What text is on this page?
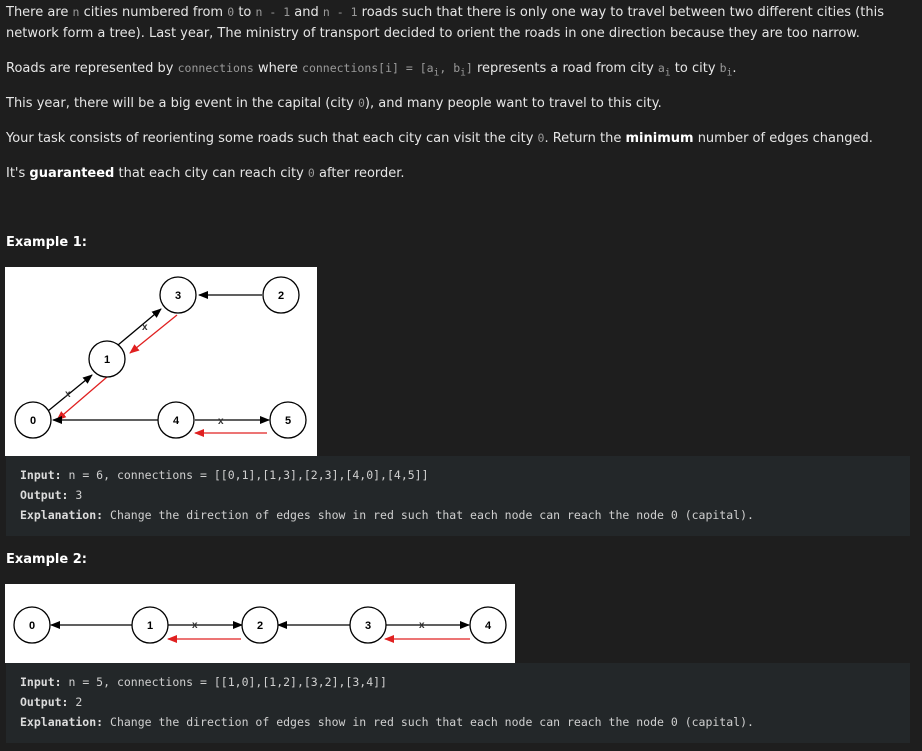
There are n cities numbered from 0 to n - 1 and n - 1 roads such that there is only one way to travel between two different cities (this
network form a tree). Last year, The ministry of transport decided to orient the roads in one direction because they are too narrow.
Roads are represented by connections where connections[i] = [$a_i$, $b_i$] represents a road from city $a_i$ to city $b_i$.
This year, there will be a big event in the capital (city 0), and many people want to travel to this city.
Your task consists of reorienting some roads such that each city can visit the city 0. Return the minimum number of edges changed.
It's guaranteed that each city can reach city 0 after reorder.
Example 1:
x
x
x
0
1
3	2
4	5
Input: n = 6, connections = [[0,1],[1,3],[2,3],[4,0],[4,5]]
Output: 3
Explanation: Change the direction of edges show in red such that each node can reach the node 0 (capital).
Example 2:
x	x
0	1	2	3	4
Input: n = 5, connections = [[1,0],[1,2],[3,2],[3,4]]
Output: 2
Explanation: Change the direction of edges show in red such that each node can reach the node 0 (capital).
